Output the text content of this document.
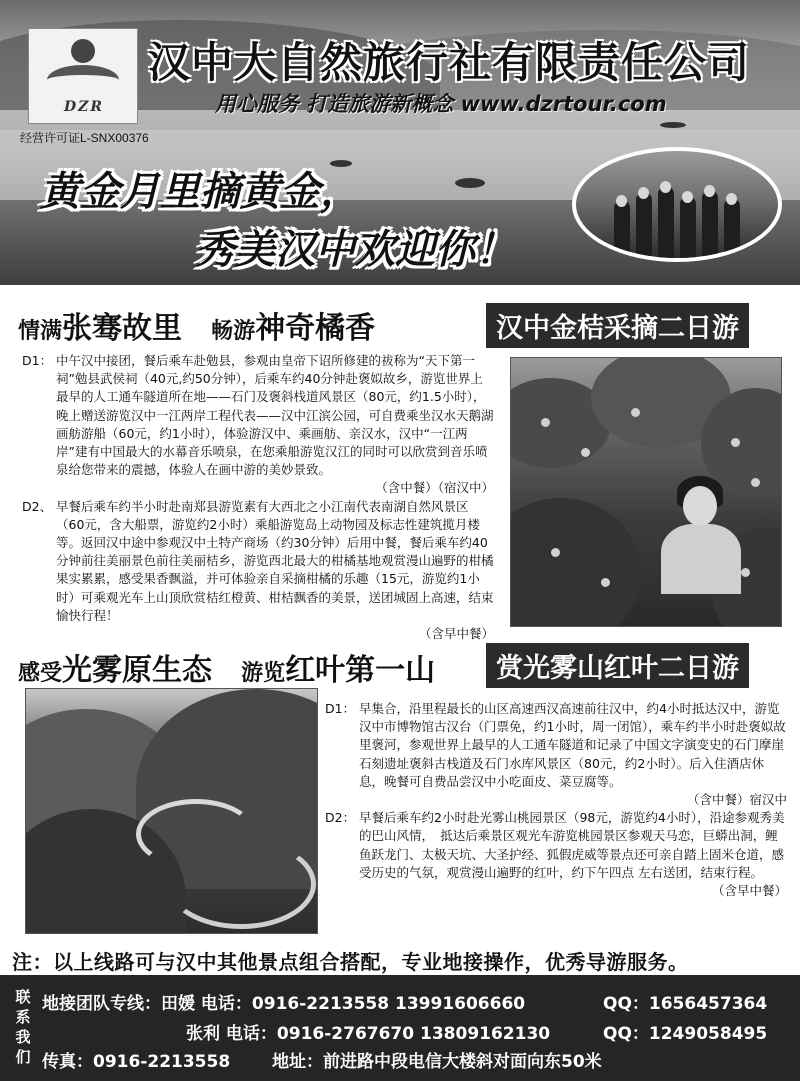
DZR
汉中大自然旅行社有限责任公司
用心服务 打造旅游新概念 www.dzrtour.com
经营许可证L-SNX00376
黄金月里摘黄金，
秀美汉中欢迎你！
情满张骞故里 畅游神奇橘香	汉中金桔采摘二日游
D1： 中午汉中接团，餐后乘车赴勉县，参观由皇帝下诏所修建的祓称为“天下第一祠”勉县武侯祠（40元,约50分钟），后乘车约40分钟赴褒姒故乡，游览世界上最早的人工通车隧道所在地——石门及褒斜栈道风景区（80元，约1.5小时），晚上赠送游览汉中一江两岸工程代表——汉中江滨公园，可自费乘坐汉水天鹅湖画舫游船（60元，约1小时），体验游汉中、乘画舫、亲汉水，汉中“一江两岸”建有中国最大的水幕音乐喷泉，在您乘船游览汉江的同时可以欣赏到音乐喷泉给您带来的震撼，体验人在画中游的美妙景致。
（含中餐）（宿汉中）
D2、 早餐后乘车约半小时赴南郑县游览素有大西北之小江南代表南湖自然风景区（60元，含大船票，游览约2小时）乘船游览岛上动物园及标志性建筑揽月楼等。返回汉中途中参观汉中土特产商场（约30分钟）后用中餐，餐后乘车约40分钟前往美丽景色前往美丽桔乡，游览西北最大的柑橘基地观赏漫山遍野的柑橘果实累累，感受果香飘溢，并可体验亲自采摘柑橘的乐趣（15元，游览约1小时）可乘观光车上山顶欣赏桔红橙黄、柑桔飘香的美景，送团城固上高速，结束愉快行程！
（含早中餐）
感受光雾原生态 游览红叶第一山	赏光雾山红叶二日游
D1： 早集合，沿里程最长的山区高速西汉高速前往汉中，约4小时抵达汉中，游览汉中市博物馆古汉台（门票免，约1小时，周一闭馆），乘车约半小时赴褒姒故里褒河，参观世界上最早的人工通车隧道和记录了中国文字演变史的石门摩崖石刻遗址褒斜古栈道及石门水库风景区（80元，约2小时）。后入住酒店休息，晚餐可自费品尝汉中小吃面皮、菜豆腐等。
（含中餐）宿汉中
D2： 早餐后乘车约2小时赴光雾山桃园景区（98元，游览约4小时），沿途参观秀美的巴山风情，　抵达后乘景区观光车游览桃园景区参观天马恋，巨蟒出洞，鲤鱼跃龙门、太极天坑、大圣护经、狐假虎威等景点还可亲自踏上固米仓道，感受历史的气氛，观赏漫山遍野的红叶，约下午四点 左右送团，结束行程。
（含早中餐）
注：以上线路可与汉中其他景点组合搭配，专业地接操作，优秀导游服务。
联
系
我
们
地接团队专线：田媛 电话：0916-2213558 13991606660	QQ：1656457364
张利 电话：0916-2767670 13809162130	QQ：1249058495
传真：0916-2213558 地址：前进路中段电信大楼斜对面向东50米
